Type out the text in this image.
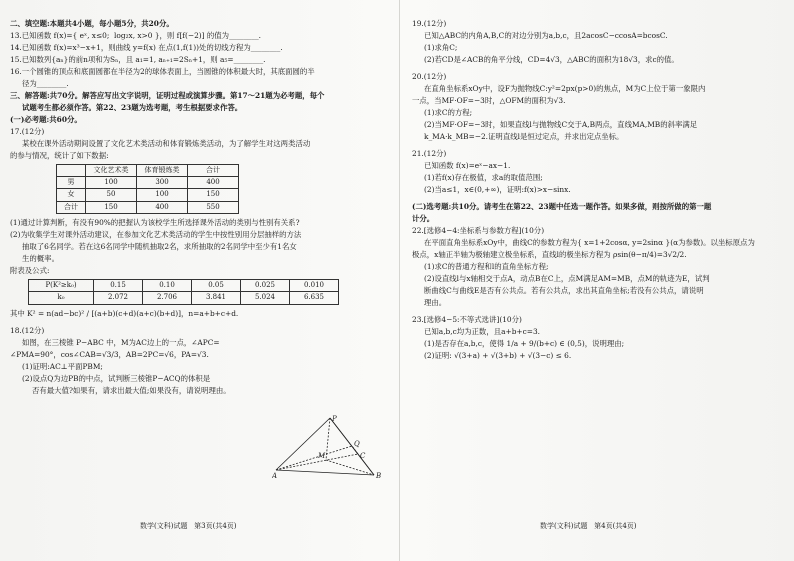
二、填空题:本题共4小题，每小题5分，共20分。

13.已知函数 f(x)={ eˣ, x≤0;  log₂x, x>0 }，则 f[f(−2)] 的值为________.

14.已知函数 f(x)=x³−x+1，则曲线 y=f(x) 在点(1,f(1))处的切线方程为________.

15.已知数列{aₙ}的前n项和为Sₙ，且 a₁=1, aₙ₊₁=2Sₙ+1，则 a₅=________.

16.一个圆锥的顶点和底面圆都在半径为2的球体表面上，当圆锥的体积最大时，其底面圆的半

径为________.

三、解答题:共70分。解答应写出文字说明，证明过程或演算步骤。第17～21题为必考题，每个

试题考生都必须作答。第22、23题为选考题，考生根据要求作答。

(一)必考题:共60分。

17.(12分)

某校在课外活动期间设置了文化艺术类活动和体育锻炼类活动，为了解学生对这两类活动

的参与情况，统计了如下数据:

	文化艺术类	体育锻炼类	合计
男	100	300	400
女	50	100	150
合计	150	400	550

(1)通过计算判断，有没有90%的把握认为该校学生所选择课外活动的类别与性别有关系?

(2)为收集学生对课外活动建议，在参加文化艺术类活动的学生中按性别用分层抽样的方法

抽取了6名同学。若在这6名同学中随机抽取2名，求所抽取的2名同学中至少有1名女

生的概率。

附表及公式:

P(K²≥k₀)	0.15	0.10	0.05	0.025	0.010
k₀	2.072	2.706	3.841	5.024	6.635

其中 K² = n(ad−bc)² / [(a+b)(c+d)(a+c)(b+d)]，n=a+b+c+d.

18.(12分)

如图，在三棱锥 P−ABC 中，M为AC边上的一点，∠APC=

∠PMA=90°，cos∠CAB=√3/3，AB=2PC=√6，PA=√3.

(1)证明:AC⊥平面PBM;

(2)设点Q为边PB的中点，试判断三棱锥P−ACQ的体积是

否有最大值?如果有，请求出最大值;如果没有，请说明理由。

P
Q
M
A	B
C

数学(文科)试题   第3页(共4页)

19.(12分)

已知△ABC的内角A,B,C的对边分别为a,b,c，且2acosC−ccosA=bcosC.

(1)求角C;

(2)若CD是∠ACB的角平分线，CD=4√3，△ABC的面积为18√3，求c的值。

20.(12分)

在直角坐标系xOy中，设F为抛物线C:y²=2px(p>0)的焦点，M为C上位于第一象限内

一点，当MF·OF=−3时，△OFM的面积为√3.

(1)求C的方程;

(2)当MF·OF=−3时，如果直线l与抛物线C交于A,B两点，直线MA,MB的斜率满足

k_MA·k_MB=−2.证明直线l是恒过定点，并求出定点坐标。

21.(12分)

已知函数 f(x)=eˣ−ax−1.

(1)若f(x)存在极值，求a的取值范围;

(2)当a≤1，x∈(0,+∞)，证明:f(x)>x−sinx.

(二)选考题:共10分。请考生在第22、23题中任选一题作答。如果多做，则按所做的第一题

计分。

22.[选修4−4:坐标系与参数方程](10分)

在平面直角坐标系xOy中，曲线C的参数方程为{ x=1+2cosα, y=2sinα }(α为参数)。以坐标原点为

极点，x轴正半轴为极轴建立极坐标系，直线l的极坐标方程为 ρsin(θ−π/4)=3√2/2.

(1)求C的普通方程和l的直角坐标方程;

(2)设直线l与x轴相交于点A，动点B在C上，点M满足AM=MB，点M的轨迹为E，试判

断曲线C与曲线E是否有公共点。若有公共点，求出其直角坐标;若没有公共点，请说明

理由。

23.[选修4−5:不等式选讲](10分)

已知a,b,c均为正数，且a+b+c=3.

(1)是否存在a,b,c，使得 1/a + 9/(b+c) ∈ (0,5)，说明理由;

(2)证明: √(3+a) + √(3+b) + √(3−c) ≤ 6.

数学(文科)试题   第4页(共4页)
